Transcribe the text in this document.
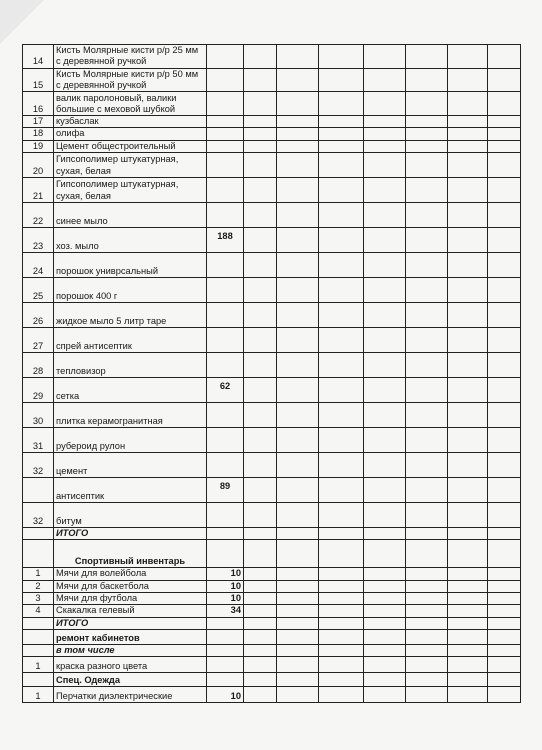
14	Кисть Молярные кисти р/р 25 мм с деревянной ручкой								
15	Кисть Молярные кисти р/р 50 мм с деревянной ручкой								
16	валик паролоновый, валики большие с меховой шубкой								
17	кузбаслак								
18	олифа								
19	Цемент общестроительный								
20	Гипсополимер штукатурная, сухая, белая								
21	Гипсополимер штукатурная, сухая, белая								
22	синее мыло								
23	хоз. мыло	188							
24	порошок униврсальный								
25	порошок 400 г								
26	жидкое мыло 5 литр таре								
27	спрей антисептик								
28	тепловизор								
29	сетка	62							
30	плитка керамогранитная								
31	рубероид рулон								
32	цемент								
	антисептик	89							
32	битум								
	ИТОГО								
	Спортивный инвентарь								
1	Мячи для волейбола	10							
2	Мячи для баскетбола	10							
3	Мячи для футбола	10							
4	Скакалка гелевый	34							
	ИТОГО								
	ремонт кабинетов								
	в том числе								
1	краска разного цвета								
	Спец. Одежда								
1	Перчатки диэлектрические	10							
